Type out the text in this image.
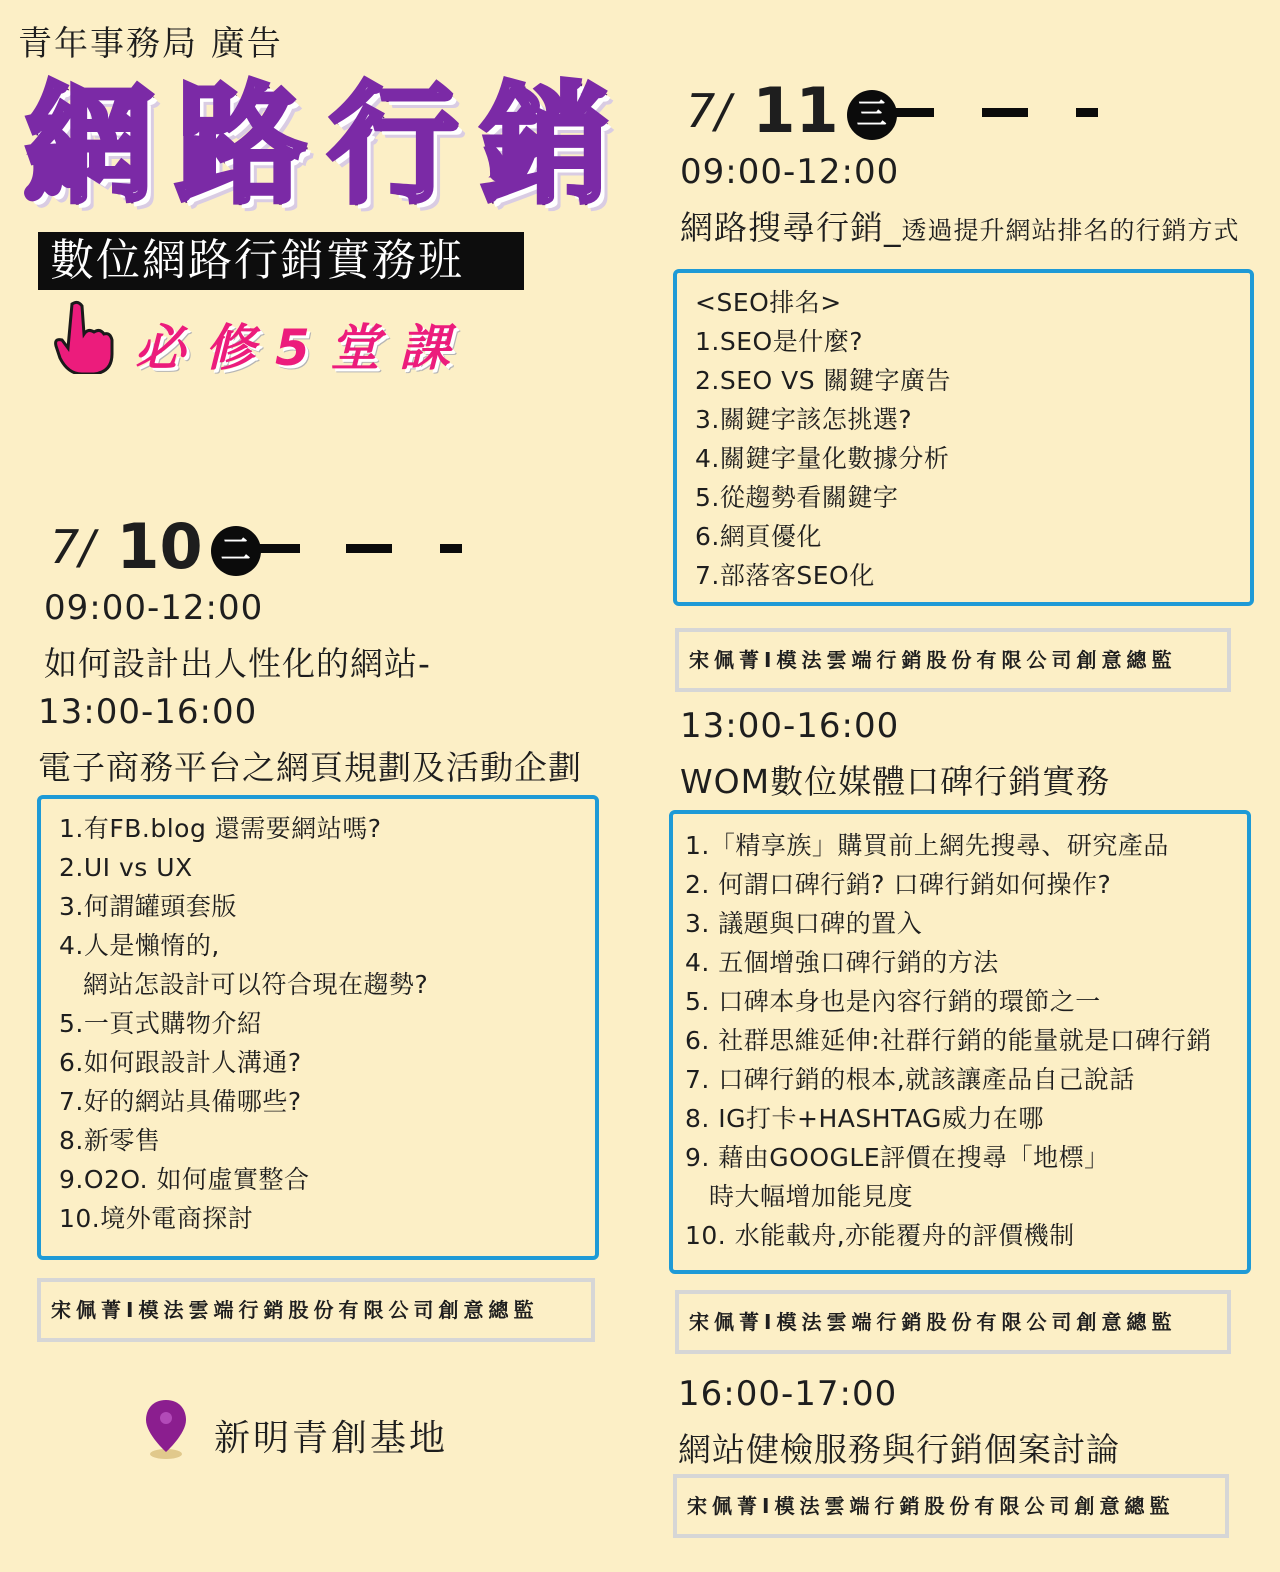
青年事務局 廣告
網路行銷
數位網路行銷實務班
必修5堂課
$^{7/}$ 10 二
09:00-12:00
如何設計出人性化的網站-
13:00-16:00
電子商務平台之網頁規劃及活動企劃
1.有FB.blog 還需要網站嗎?
2.UI vs UX
3.何謂罐頭套版
4.人是懶惰的,
網站怎設計可以符合現在趨勢?
5.一頁式購物介紹
6.如何跟設計人溝通?
7.好的網站具備哪些?
8.新零售
9.O2O. 如何虛實整合
10.境外電商探討
宋佩菁I模法雲端行銷股份有限公司創意總監
新明青創基地
$^{7/}$ 11 三
09:00-12:00
網路搜尋行銷_透過提升網站排名的行銷方式
<SEO排名>
1.SEO是什麼?
2.SEO VS 關鍵字廣告
3.關鍵字該怎挑選?
4.關鍵字量化數據分析
5.從趨勢看關鍵字
6.網頁優化
7.部落客SEO化
宋佩菁I模法雲端行銷股份有限公司創意總監
13:00-16:00
WOM數位媒體口碑行銷實務
1.「精享族」購買前上網先搜尋、研究產品
2. 何謂口碑行銷? 口碑行銷如何操作?
3. 議題與口碑的置入
4. 五個增強口碑行銷的方法
5. 口碑本身也是內容行銷的環節之一
6. 社群思維延伸:社群行銷的能量就是口碑行銷
7. 口碑行銷的根本,就該讓產品自己說話
8. IG打卡+HASHTAG威力在哪
9. 藉由GOOGLE評價在搜尋「地標」
時大幅增加能見度
10. 水能載舟,亦能覆舟的評價機制
宋佩菁I模法雲端行銷股份有限公司創意總監
16:00-17:00
網站健檢服務與行銷個案討論
宋佩菁I模法雲端行銷股份有限公司創意總監
